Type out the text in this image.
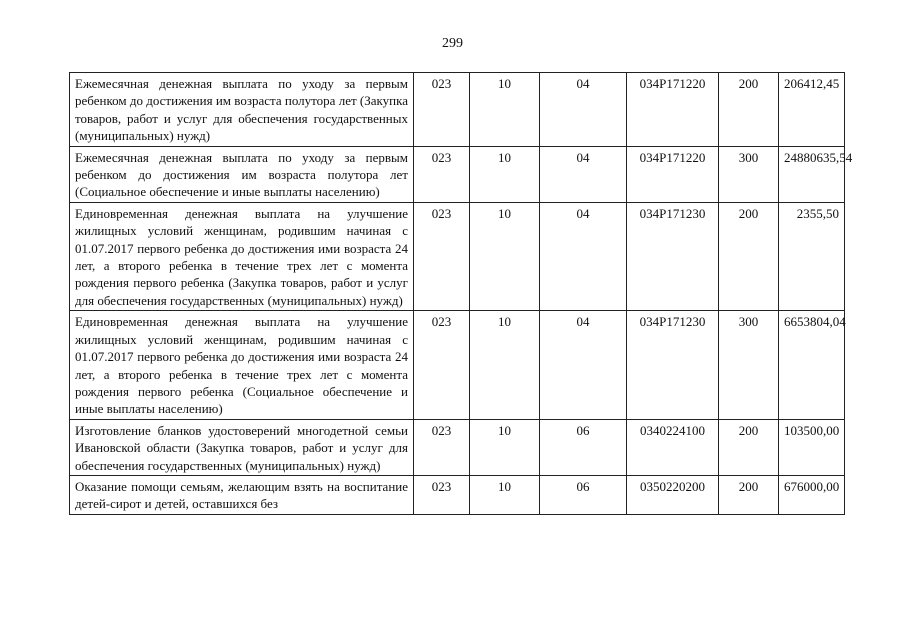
299
Ежемесячная денежная выплата по уходу за первым ребенком до достижения им возраста полутора лет (Закупка товаров, работ и услуг для обеспечения государственных (муниципальных) нужд)	023	10	04	034P171220	200	206412,45
Ежемесячная денежная выплата по уходу за первым ребенком до достижения им возраста полутора лет (Социальное обеспечение и иные выплаты населению)	023	10	04	034P171220	300	24880635,54
Единовременная денежная выплата на улучшение жилищных условий женщинам, родившим начиная с 01.07.2017 первого ребенка до достижения ими возраста 24 лет, а второго ребенка в течение трех лет с момента рождения первого ребенка (Закупка товаров, работ и услуг для обеспечения государственных (муниципальных) нужд)	023	10	04	034P171230	200	2355,50
Единовременная денежная выплата на улучшение жилищных условий женщинам, родившим начиная с 01.07.2017 первого ребенка до достижения ими возраста 24 лет, а второго ребенка в течение трех лет с момента рождения первого ребенка (Социальное обеспечение и иные выплаты населению)	023	10	04	034P171230	300	6653804,04
Изготовление бланков удостоверений многодетной семьи Ивановской области (Закупка товаров, работ и услуг для обеспечения государственных (муниципальных) нужд)	023	10	06	0340224100	200	103500,00
Оказание помощи семьям, желающим взять на воспитание детей-сирот и детей, оставшихся без	023	10	06	0350220200	200	676000,00
